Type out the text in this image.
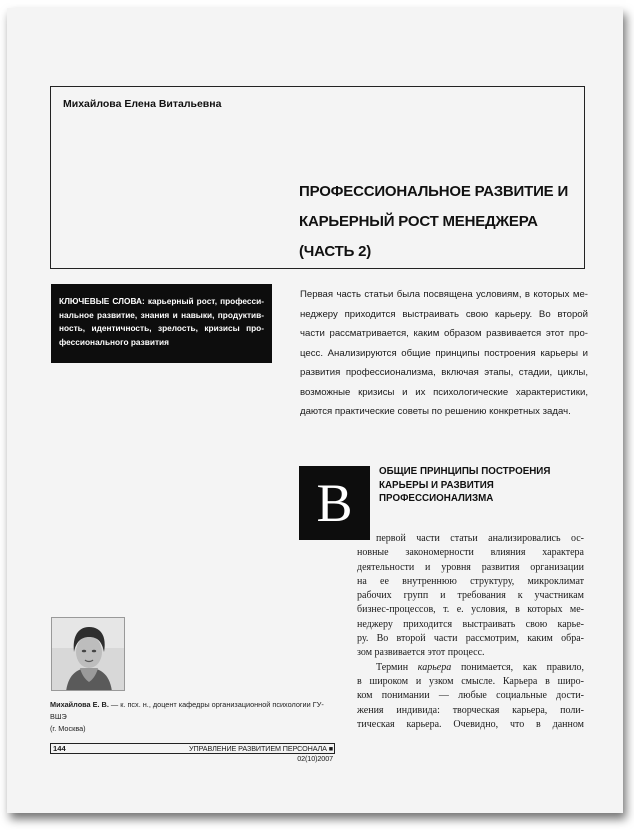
Михайлова Елена Витальевна
ПРОФЕССИОНАЛЬНОЕ РАЗВИТИЕ И
КАРЬЕРНЫЙ РОСТ МЕНЕДЖЕРА
(ЧАСТЬ 2)
КЛЮЧЕВЫЕ СЛОВА: карьерный рост, професси-
нальное развитие, знания и навыки, продуктив-
ность, идентичность, зрелость, кризисы про-
фессионального развития
Первая часть статьи была посвящена условиям, в которых ме-
неджеру приходится выстраивать свою карьеру. Во второй
части рассматривается, каким образом развивается этот про-
цесс. Анализируются общие принципы построения карьеры и
развития профессионализма, включая этапы, стадии, циклы,
возможные кризисы и их психологические характеристики,
даются практические советы по решению конкретных задач.
В
ОБЩИЕ ПРИНЦИПЫ ПОСТРОЕНИЯ
КАРЬЕРЫ И РАЗВИТИЯ
ПРОФЕССИОНАЛИЗМА
первой части статьи анализировались ос-
новные закономерности влияния характера
деятельности и уровня развития организации
на ее внутреннюю структуру, микроклимат
рабочих групп и требования к участникам
бизнес-процессов, т. е. условия, в которых ме-
неджеру приходится выстраивать свою карье-
ру. Во второй части рассмотрим, каким обра-
зом развивается этот процесс.
Термин карьера понимается, как правило,
в широком и узком смысле. Карьера в широ-
ком понимании — любые социальные дости-
жения индивида: творческая карьера, поли-
тическая карьера. Очевидно, что в данном
Михайлова Е. В. — к. псх. н., доцент кафедры организационной психологии ГУ-ВШЭ
(г. Москва)
144	УПРАВЛЕНИЕ РАЗВИТИЕМ ПЕРСОНАЛА ■ 02(10)2007
